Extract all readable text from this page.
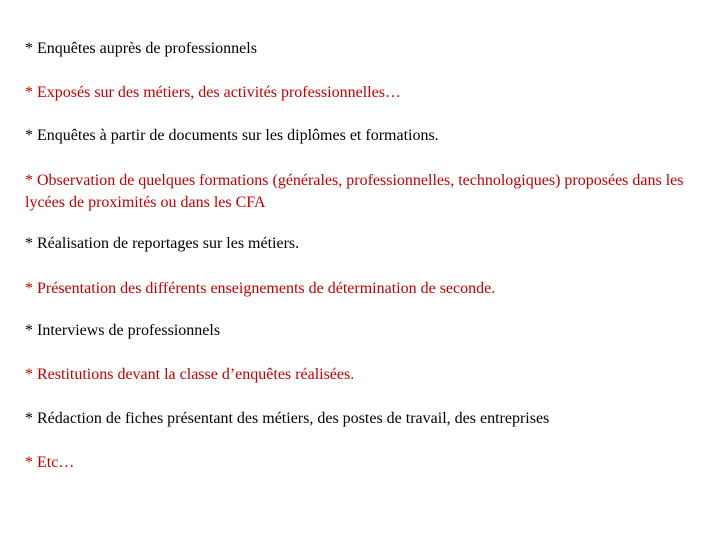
* Enquêtes auprès de professionnels

* Exposés sur des métiers, des activités professionnelles…

* Enquêtes à partir de documents sur les diplômes et formations.

* Observation de quelques formations (générales, professionnelles, technologiques) proposées dans les lycées de proximités ou dans les CFA

* Réalisation de reportages sur les métiers.

* Présentation des différents enseignements de détermination de seconde.

* Interviews de professionnels

* Restitutions devant la classe d’enquêtes réalisées.

* Rédaction de fiches présentant des métiers, des postes de travail, des entreprises

* Etc…
